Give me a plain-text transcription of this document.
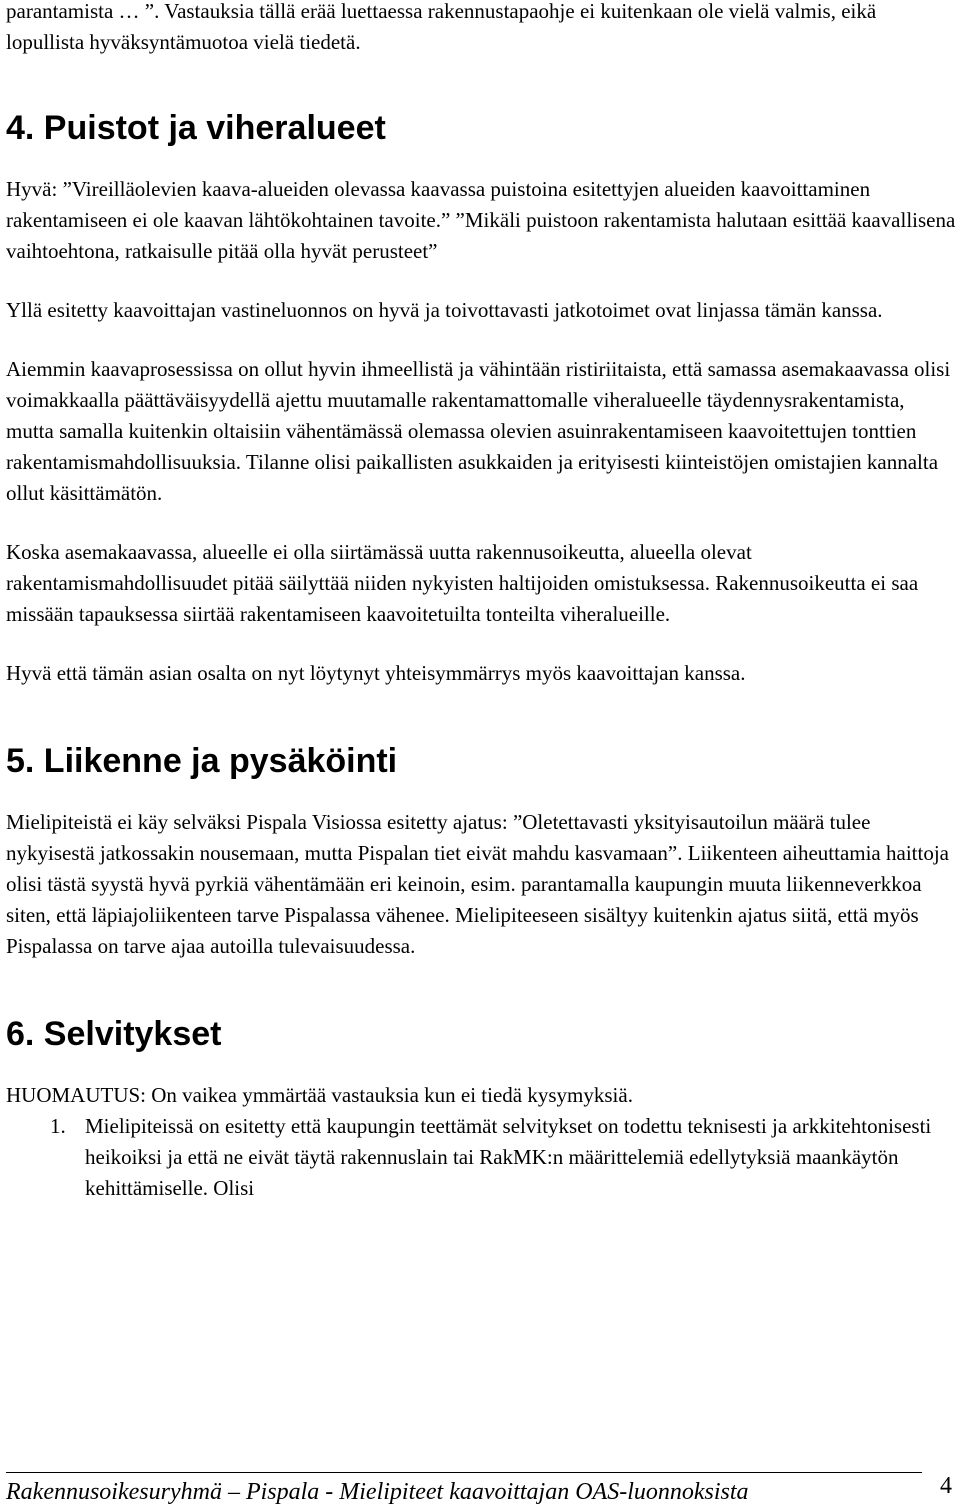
parantamista … ”. Vastauksia tällä erää luettaessa rakennustapaohje ei kuitenkaan ole vielä valmis, eikä lopullista hyväksyntämuotoa vielä tiedetä.

4. Puistot ja viheralueet

Hyvä: ”Vireilläolevien kaava-alueiden olevassa kaavassa puistoina esitettyjen alueiden kaavoittaminen rakentamiseen ei ole kaavan lähtökohtainen tavoite.” ”Mikäli puistoon rakentamista halutaan esittää kaavallisena vaihtoehtona, ratkaisulle pitää olla hyvät perusteet”

Yllä esitetty kaavoittajan vastineluonnos on hyvä ja toivottavasti jatkotoimet ovat linjassa tämän kanssa.

Aiemmin kaavaprosessissa on ollut hyvin ihmeellistä ja vähintään ristiriitaista, että samassa asemakaavassa olisi voimakkaalla päättäväisyydellä ajettu muutamalle rakentamattomalle viheralueelle täydennysrakentamista, mutta samalla kuitenkin oltaisiin vähentämässä olemassa olevien asuinrakentamiseen kaavoitettujen tonttien rakentamismahdollisuuksia. Tilanne olisi paikallisten asukkaiden ja erityisesti kiinteistöjen omistajien kannalta ollut käsittämätön.

Koska asemakaavassa, alueelle ei olla siirtämässä uutta rakennusoikeutta, alueella olevat rakentamismahdollisuudet pitää säilyttää niiden nykyisten haltijoiden omistuksessa. Rakennusoikeutta ei saa missään tapauksessa siirtää rakentamiseen kaavoitetuilta tonteilta viheralueille.

Hyvä että tämän asian osalta on nyt löytynyt yhteisymmärrys myös kaavoittajan kanssa.

5. Liikenne ja pysäköinti

Mielipiteistä ei käy selväksi Pispala Visiossa esitetty ajatus: ”Oletettavasti yksityisautoilun määrä tulee nykyisestä jatkossakin nousemaan, mutta Pispalan tiet eivät mahdu kasvamaan”. Liikenteen aiheuttamia haittoja olisi tästä syystä hyvä pyrkiä vähentämään eri keinoin, esim. parantamalla kaupungin muuta liikenneverkkoa siten, että läpiajoliikenteen tarve Pispalassa vähenee. Mielipiteeseen sisältyy kuitenkin ajatus siitä, että myös Pispalassa on tarve ajaa autoilla tulevaisuudessa.

6. Selvitykset

HUOMAUTUS: On vaikea ymmärtää vastauksia kun ei tiedä kysymyksiä.

1. Mielipiteissä on esitetty että kaupungin teettämät selvitykset on todettu teknisesti ja arkkitehtonisesti heikoiksi ja että ne eivät täytä rakennuslain tai RakMK:n määrittelemiä edellytyksiä maankäytön kehittämiselle. Olisi
Rakennusoikesuryhmä – Pispala - Mielipiteet kaavoittajan OAS-luonnoksista	4
